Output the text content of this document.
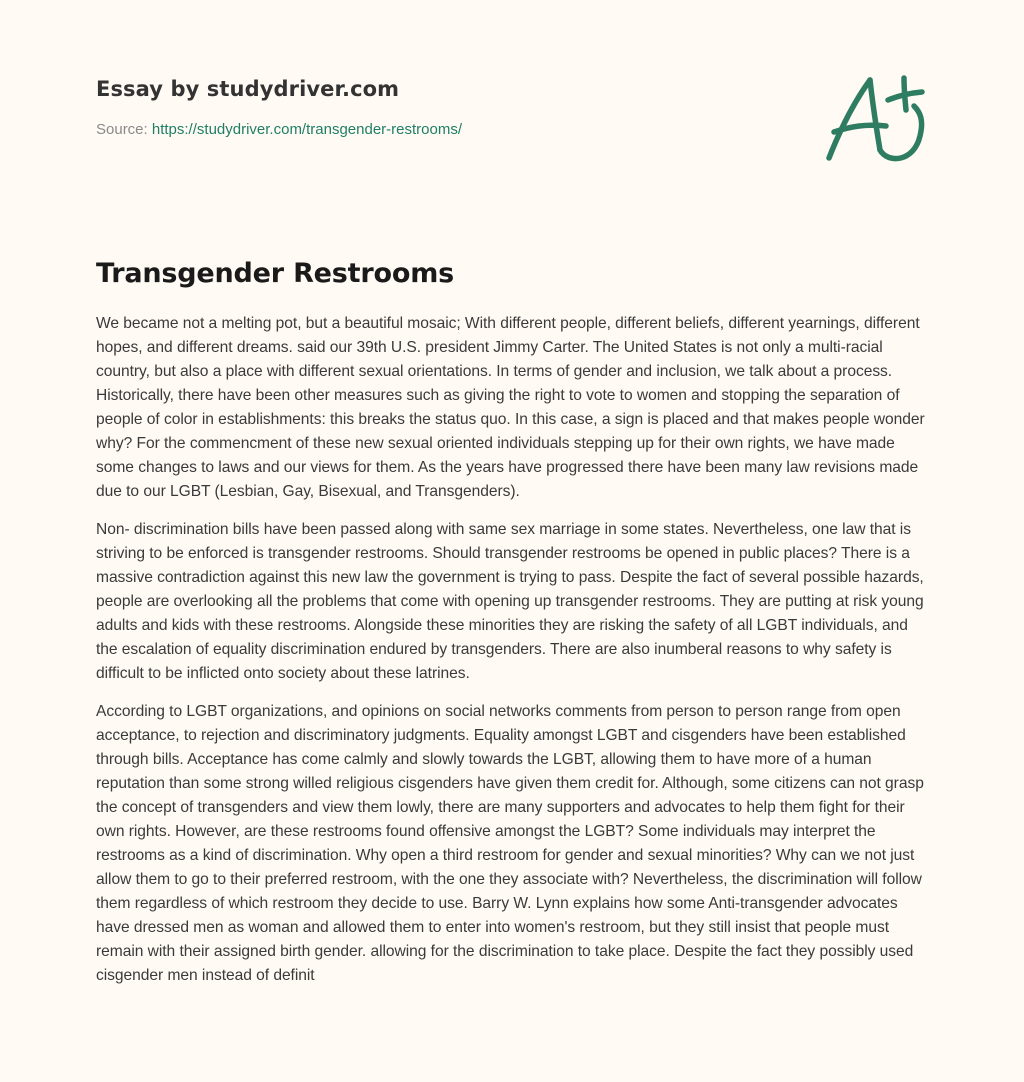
Essay by studydriver.com
Source: https://studydriver.com/transgender-restrooms/
Transgender Restrooms

We became not a melting pot, but a beautiful mosaic; With different people, different beliefs, different yearnings, different hopes, and different dreams. said our 39th U.S. president Jimmy Carter. The United States is not only a multi-racial country, but also a place with different sexual orientations. In terms of gender and inclusion, we talk about a process. Historically, there have been other measures such as giving the right to vote to women and stopping the separation of people of color in establishments: this breaks the status quo. In this case, a sign is placed and that makes people wonder why? For the commencment of these new sexual oriented individuals stepping up for their own rights, we have made some changes to laws and our views for them. As the years have progressed there have been many law revisions made due to our LGBT (Lesbian, Gay, Bisexual, and Transgenders).

Non- discrimination bills have been passed along with same sex marriage in some states. Nevertheless, one law that is striving to be enforced is transgender restrooms. Should transgender restrooms be opened in public places? There is a massive contradiction against this new law the government is trying to pass. Despite the fact of several possible hazards, people are overlooking all the problems that come with opening up transgender restrooms. They are putting at risk young adults and kids with these restrooms. Alongside these minorities they are risking the safety of all LGBT individuals, and the escalation of equality discrimination endured by transgenders. There are also inumberal reasons to why safety is difficult to be inflicted onto society about these latrines.

According to LGBT organizations, and opinions on social networks comments from person to person range from open acceptance, to rejection and discriminatory judgments. Equality amongst LGBT and cisgenders have been established through bills. Acceptance has come calmly and slowly towards the LGBT, allowing them to have more of a human reputation than some strong willed religious cisgenders have given them credit for. Although, some citizens can not grasp the concept of transgenders and view them lowly, there are many supporters and advocates to help them fight for their own rights. However, are these restrooms found offensive amongst the LGBT? Some individuals may interpret the restrooms as a kind of discrimination. Why open a third restroom for gender and sexual minorities? Why can we not just allow them to go to their preferred restroom, with the one they associate with? Nevertheless, the discrimination will follow them regardless of which restroom they decide to use. Barry W. Lynn explains how some Anti-transgender advocates have dressed men as woman and allowed them to enter into women's restroom, but they still insist that people must remain with their assigned birth gender. allowing for the discrimination to take place. Despite the fact they possibly used cisgender men instead of definit
